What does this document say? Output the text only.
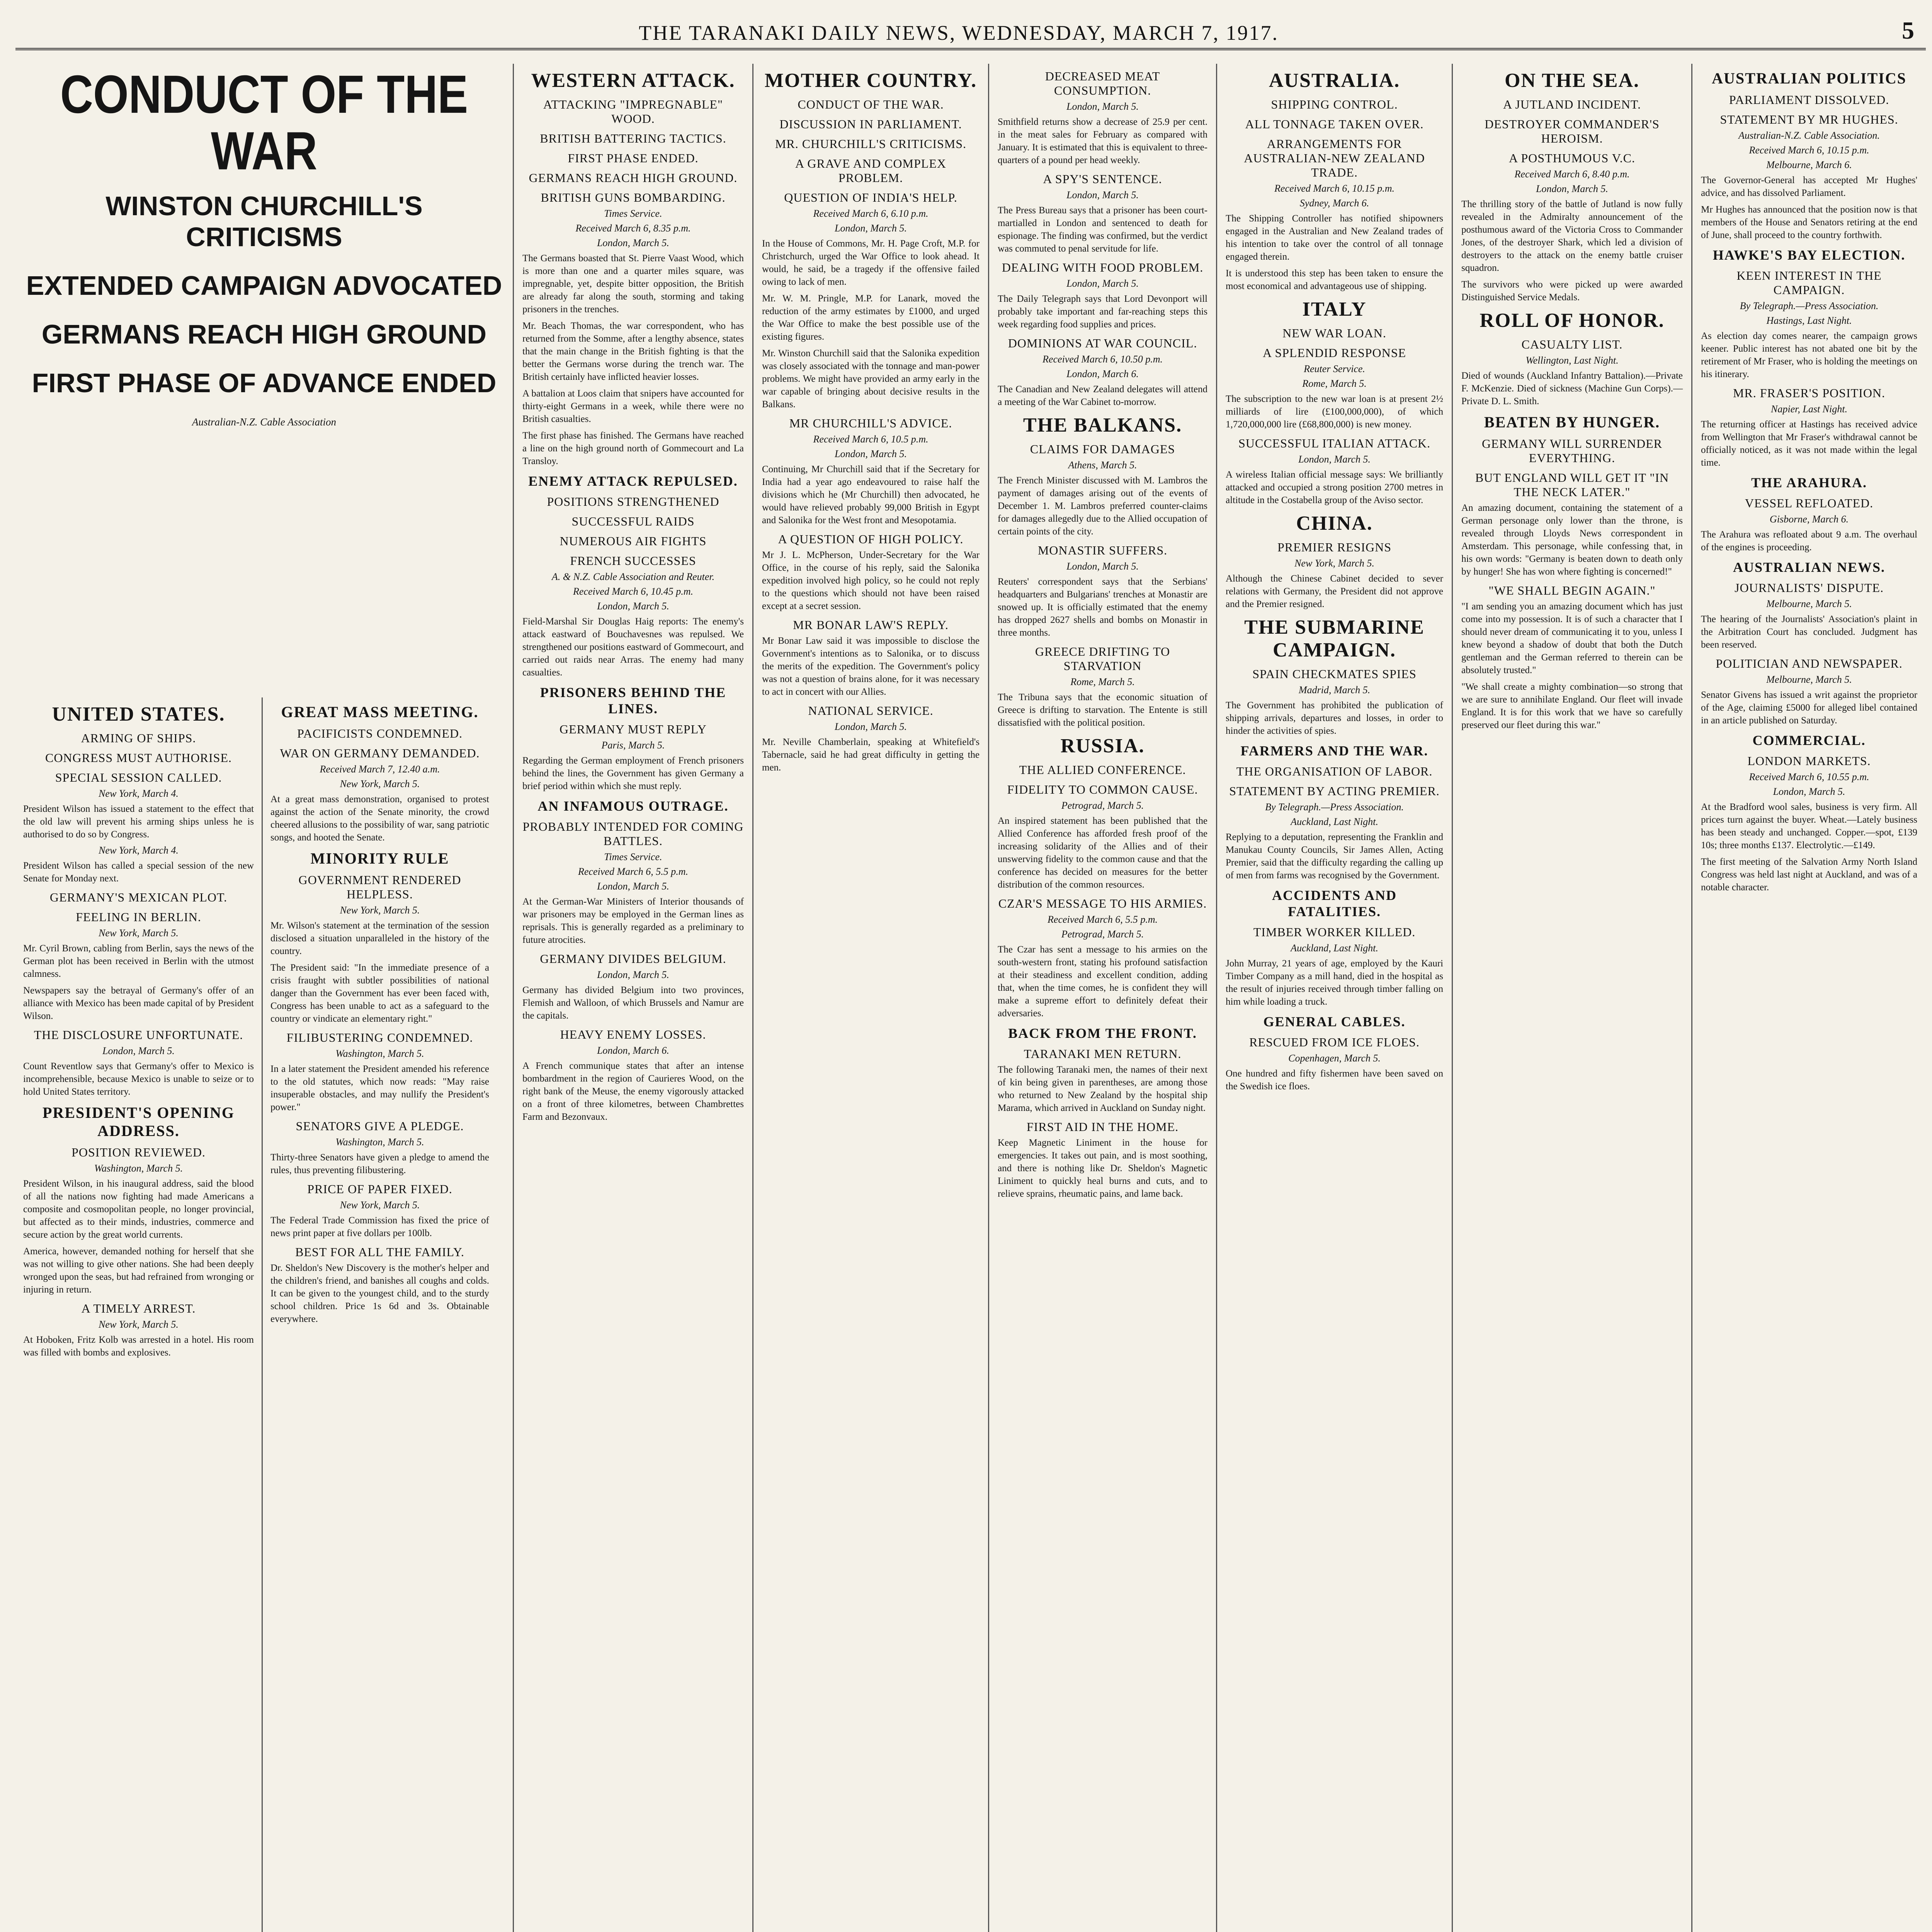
THE TARANAKI DAILY NEWS, WEDNESDAY, MARCH 7, 1917.	5
CONDUCT OF THE WAR
WINSTON CHURCHILL'S CRITICISMS
EXTENDED CAMPAIGN ADVOCATED
GERMANS REACH HIGH GROUND
FIRST PHASE OF ADVANCE ENDED
Australian-N.Z. Cable Association
UNITED STATES.
ARMING OF SHIPS.
CONGRESS MUST AUTHORISE.
SPECIAL SESSION CALLED.
New York, March 4.

President Wilson has issued a statement to the effect that the old law will prevent his arming ships unless he is authorised to do so by Congress.

New York, March 4.

President Wilson has called a special session of the new Senate for Monday next.

GERMANY'S MEXICAN PLOT.
FEELING IN BERLIN.
New York, March 5.

Mr. Cyril Brown, cabling from Berlin, says the news of the German plot has been received in Berlin with the utmost calmness.

Newspapers say the betrayal of Germany's offer of an alliance with Mexico has been made capital of by President Wilson.

THE DISCLOSURE UNFORTUNATE.
London, March 5.

Count Reventlow says that Germany's offer to Mexico is incomprehensible, because Mexico is unable to seize or to hold United States territory.

PRESIDENT'S OPENING ADDRESS.
POSITION REVIEWED.
Washington, March 5.

President Wilson, in his inaugural address, said the blood of all the nations now fighting had made Americans a composite and cosmopolitan people, no longer provincial, but affected as to their minds, industries, commerce and secure action by the great world currents.

America, however, demanded nothing for herself that she was not willing to give other nations. She had been deeply wronged upon the seas, but had refrained from wronging or injuring in return.

A TIMELY ARREST.
New York, March 5.

At Hoboken, Fritz Kolb was arrested in a hotel. His room was filled with bombs and explosives.

GREAT MASS MEETING.
PACIFICISTS CONDEMNED.
WAR ON GERMANY DEMANDED.
Received March 7, 12.40 a.m.
New York, March 5.

At a great mass demonstration, organised to protest against the action of the Senate minority, the crowd cheered allusions to the possibility of war, sang patriotic songs, and hooted the Senate.

MINORITY RULE
GOVERNMENT RENDERED HELPLESS.
New York, March 5.

Mr. Wilson's statement at the termination of the session disclosed a situation unparalleled in the history of the country.

The President said: "In the immediate presence of a crisis fraught with subtler possibilities of national danger than the Government has ever been faced with, Congress has been unable to act as a safeguard to the country or vindicate an elementary right."

FILIBUSTERING CONDEMNED.
Washington, March 5.

In a later statement the President amended his reference to the old statutes, which now reads: "May raise insuperable obstacles, and may nullify the President's power."

SENATORS GIVE A PLEDGE.
Washington, March 5.

Thirty-three Senators have given a pledge to amend the rules, thus preventing filibustering.

PRICE OF PAPER FIXED.
New York, March 5.

The Federal Trade Commission has fixed the price of news print paper at five dollars per 100lb.

BEST FOR ALL THE FAMILY.

Dr. Sheldon's New Discovery is the mother's helper and the children's friend, and banishes all coughs and colds. It can be given to the youngest child, and to the sturdy school children. Price 1s 6d and 3s. Obtainable everywhere.

WESTERN ATTACK.
ATTACKING "IMPREGNABLE" WOOD.
BRITISH BATTERING TACTICS.
FIRST PHASE ENDED.
GERMANS REACH HIGH GROUND.
BRITISH GUNS BOMBARDING.
Times Service.
Received March 6, 8.35 p.m.
London, March 5.

The Germans boasted that St. Pierre Vaast Wood, which is more than one and a quarter miles square, was impregnable, yet, despite bitter opposition, the British are already far along the south, storming and taking prisoners in the trenches.

Mr. Beach Thomas, the war correspondent, who has returned from the Somme, after a lengthy absence, states that the main change in the British fighting is that the better the Germans worse during the trench war. The British certainly have inflicted heavier losses.

A battalion at Loos claim that snipers have accounted for thirty-eight Germans in a week, while there were no British casualties.

The first phase has finished. The Germans have reached a line on the high ground north of Gommecourt and La Transloy.

ENEMY ATTACK REPULSED.
POSITIONS STRENGTHENED
SUCCESSFUL RAIDS
NUMEROUS AIR FIGHTS
FRENCH SUCCESSES
A. & N.Z. Cable Association and Reuter.
Received March 6, 10.45 p.m.
London, March 5.

Field-Marshal Sir Douglas Haig reports: The enemy's attack eastward of Bouchavesnes was repulsed. We strengthened our positions eastward of Gommecourt, and carried out raids near Arras. The enemy had many casualties.

PRISONERS BEHIND THE LINES.
GERMANY MUST REPLY
Paris, March 5.

Regarding the German employment of French prisoners behind the lines, the Government has given Germany a brief period within which she must reply.

AN INFAMOUS OUTRAGE.
PROBABLY INTENDED FOR COMING BATTLES.
Times Service.
Received March 6, 5.5 p.m.
London, March 5.

At the German-War Ministers of Interior thousands of war prisoners may be employed in the German lines as reprisals. This is generally regarded as a preliminary to future atrocities.

GERMANY DIVIDES BELGIUM.
London, March 5.

Germany has divided Belgium into two provinces, Flemish and Walloon, of which Brussels and Namur are the capitals.

HEAVY ENEMY LOSSES.
London, March 6.

A French communique states that after an intense bombardment in the region of Caurieres Wood, on the right bank of the Meuse, the enemy vigorously attacked on a front of three kilometres, between Chambrettes Farm and Bezonvaux.

MOTHER COUNTRY.
CONDUCT OF THE WAR.
DISCUSSION IN PARLIAMENT.
MR. CHURCHILL'S CRITICISMS.
A GRAVE AND COMPLEX PROBLEM.
QUESTION OF INDIA'S HELP.
Received March 6, 6.10 p.m.
London, March 5.

In the House of Commons, Mr. H. Page Croft, M.P. for Christchurch, urged the War Office to look ahead. It would, he said, be a tragedy if the offensive failed owing to lack of men.

Mr. W. M. Pringle, M.P. for Lanark, moved the reduction of the army estimates by £1000, and urged the War Office to make the best possible use of the existing figures.

Mr. Winston Churchill said that the Salonika expedition was closely associated with the tonnage and man-power problems. We might have provided an army early in the war capable of bringing about decisive results in the Balkans.

MR CHURCHILL'S ADVICE.
Received March 6, 10.5 p.m.
London, March 5.

Continuing, Mr Churchill said that if the Secretary for India had a year ago endeavoured to raise half the divisions which he (Mr Churchill) then advocated, he would have relieved probably 99,000 British in Egypt and Salonika for the West front and Mesopotamia.

A QUESTION OF HIGH POLICY.

Mr J. L. McPherson, Under-Secretary for the War Office, in the course of his reply, said the Salonika expedition involved high policy, so he could not reply to the questions which should not have been raised except at a secret session.

MR BONAR LAW'S REPLY.

Mr Bonar Law said it was impossible to disclose the Government's intentions as to Salonika, or to discuss the merits of the expedition. The Government's policy was not a question of brains alone, for it was necessary to act in concert with our Allies.

NATIONAL SERVICE.
London, March 5.

Mr. Neville Chamberlain, speaking at Whitefield's Tabernacle, said he had great difficulty in getting the men.

DECREASED MEAT CONSUMPTION.
London, March 5.

Smithfield returns show a decrease of 25.9 per cent. in the meat sales for February as compared with January. It is estimated that this is equivalent to three-quarters of a pound per head weekly.

A SPY'S SENTENCE.
London, March 5.

The Press Bureau says that a prisoner has been court-martialled in London and sentenced to death for espionage. The finding was confirmed, but the verdict was commuted to penal servitude for life.

DEALING WITH FOOD PROBLEM.
London, March 5.

The Daily Telegraph says that Lord Devonport will probably take important and far-reaching steps this week regarding food supplies and prices.

DOMINIONS AT WAR COUNCIL.
Received March 6, 10.50 p.m.
London, March 6.

The Canadian and New Zealand delegates will attend a meeting of the War Cabinet to-morrow.

THE BALKANS.
CLAIMS FOR DAMAGES
Athens, March 5.

The French Minister discussed with M. Lambros the payment of damages arising out of the events of December 1. M. Lambros preferred counter-claims for damages allegedly due to the Allied occupation of certain points of the city.

MONASTIR SUFFERS.
London, March 5.

Reuters' correspondent says that the Serbians' headquarters and Bulgarians' trenches at Monastir are snowed up. It is officially estimated that the enemy has dropped 2627 shells and bombs on Monastir in three months.

GREECE DRIFTING TO STARVATION
Rome, March 5.

The Tribuna says that the economic situation of Greece is drifting to starvation. The Entente is still dissatisfied with the political position.

RUSSIA.
THE ALLIED CONFERENCE.
FIDELITY TO COMMON CAUSE.
Petrograd, March 5.

An inspired statement has been published that the Allied Conference has afforded fresh proof of the increasing solidarity of the Allies and of their unswerving fidelity to the common cause and that the conference has decided on measures for the better distribution of the common resources.

CZAR'S MESSAGE TO HIS ARMIES.
Received March 6, 5.5 p.m.
Petrograd, March 5.

The Czar has sent a message to his armies on the south-western front, stating his profound satisfaction at their steadiness and excellent condition, adding that, when the time comes, he is confident they will make a supreme effort to definitely defeat their adversaries.

BACK FROM THE FRONT.
TARANAKI MEN RETURN.

The following Taranaki men, the names of their next of kin being given in parentheses, are among those who returned to New Zealand by the hospital ship Marama, which arrived in Auckland on Sunday night.

FIRST AID IN THE HOME.

Keep Magnetic Liniment in the house for emergencies. It takes out pain, and is most soothing, and there is nothing like Dr. Sheldon's Magnetic Liniment to quickly heal burns and cuts, and to relieve sprains, rheumatic pains, and lame back.

AUSTRALIA.
SHIPPING CONTROL.
ALL TONNAGE TAKEN OVER.
ARRANGEMENTS FOR AUSTRALIAN-NEW ZEALAND TRADE.
Received March 6, 10.15 p.m.
Sydney, March 6.

The Shipping Controller has notified shipowners engaged in the Australian and New Zealand trades of his intention to take over the control of all tonnage engaged therein.

It is understood this step has been taken to ensure the most economical and advantageous use of shipping.

ITALY
NEW WAR LOAN.
A SPLENDID RESPONSE
Reuter Service.
Rome, March 5.

The subscription to the new war loan is at present 2½ milliards of lire (£100,000,000), of which 1,720,000,000 lire (£68,800,000) is new money.

SUCCESSFUL ITALIAN ATTACK.
London, March 5.

A wireless Italian official message says: We brilliantly attacked and occupied a strong position 2700 metres in altitude in the Costabella group of the Aviso sector.

CHINA.
PREMIER RESIGNS
New York, March 5.

Although the Chinese Cabinet decided to sever relations with Germany, the President did not approve and the Premier resigned.

THE SUBMARINE CAMPAIGN.
SPAIN CHECKMATES SPIES
Madrid, March 5.

The Government has prohibited the publication of shipping arrivals, departures and losses, in order to hinder the activities of spies.

FARMERS AND THE WAR.
THE ORGANISATION OF LABOR.
STATEMENT BY ACTING PREMIER.
By Telegraph.—Press Association.
Auckland, Last Night.

Replying to a deputation, representing the Franklin and Manukau County Councils, Sir James Allen, Acting Premier, said that the difficulty regarding the calling up of men from farms was recognised by the Government.

ACCIDENTS AND FATALITIES.
TIMBER WORKER KILLED.
Auckland, Last Night.

John Murray, 21 years of age, employed by the Kauri Timber Company as a mill hand, died in the hospital as the result of injuries received through timber falling on him while loading a truck.

GENERAL CABLES.
RESCUED FROM ICE FLOES.
Copenhagen, March 5.

One hundred and fifty fishermen have been saved on the Swedish ice floes.

ON THE SEA.
A JUTLAND INCIDENT.
DESTROYER COMMANDER'S HEROISM.
A POSTHUMOUS V.C.
Received March 6, 8.40 p.m.
London, March 5.

The thrilling story of the battle of Jutland is now fully revealed in the Admiralty announcement of the posthumous award of the Victoria Cross to Commander Jones, of the destroyer Shark, which led a division of destroyers to the attack on the enemy battle cruiser squadron.

The survivors who were picked up were awarded Distinguished Service Medals.

ROLL OF HONOR.
CASUALTY LIST.
Wellington, Last Night.

Died of wounds (Auckland Infantry Battalion).—Private F. McKenzie. Died of sickness (Machine Gun Corps).—Private D. L. Smith.

BEATEN BY HUNGER.
GERMANY WILL SURRENDER EVERYTHING.
BUT ENGLAND WILL GET IT "IN THE NECK LATER."

An amazing document, containing the statement of a German personage only lower than the throne, is revealed through Lloyds News correspondent in Amsterdam. This personage, while confessing that, in his own words: "Germany is beaten down to death only by hunger! She has won where fighting is concerned!"

"WE SHALL BEGIN AGAIN."

"I am sending you an amazing document which has just come into my possession. It is of such a character that I should never dream of communicating it to you, unless I knew beyond a shadow of doubt that both the Dutch gentleman and the German referred to therein can be absolutely trusted."

"We shall create a mighty combination—so strong that we are sure to annihilate England. Our fleet will invade England. It is for this work that we have so carefully preserved our fleet during this war."

AUSTRALIAN POLITICS
PARLIAMENT DISSOLVED.
STATEMENT BY MR HUGHES.
Australian-N.Z. Cable Association.
Received March 6, 10.15 p.m.
Melbourne, March 6.

The Governor-General has accepted Mr Hughes' advice, and has dissolved Parliament.

Mr Hughes has announced that the position now is that members of the House and Senators retiring at the end of June, shall proceed to the country forthwith.

HAWKE'S BAY ELECTION.
KEEN INTEREST IN THE CAMPAIGN.
By Telegraph.—Press Association.
Hastings, Last Night.

As election day comes nearer, the campaign grows keener. Public interest has not abated one bit by the retirement of Mr Fraser, who is holding the meetings on his itinerary.

MR. FRASER'S POSITION.
Napier, Last Night.

The returning officer at Hastings has received advice from Wellington that Mr Fraser's withdrawal cannot be officially noticed, as it was not made within the legal time.

THE ARAHURA.
VESSEL REFLOATED.
Gisborne, March 6.

The Arahura was refloated about 9 a.m. The overhaul of the engines is proceeding.

AUSTRALIAN NEWS.
JOURNALISTS' DISPUTE.
Melbourne, March 5.

The hearing of the Journalists' Association's plaint in the Arbitration Court has concluded. Judgment has been reserved.

POLITICIAN AND NEWSPAPER.
Melbourne, March 5.

Senator Givens has issued a writ against the proprietor of the Age, claiming £5000 for alleged libel contained in an article published on Saturday.

COMMERCIAL.
LONDON MARKETS.
Received March 6, 10.55 p.m.
London, March 5.

At the Bradford wool sales, business is very firm. All prices turn against the buyer. Wheat.—Lately business has been steady and unchanged. Copper.—spot, £139 10s; three months £137. Electrolytic.—£149.

The first meeting of the Salvation Army North Island Congress was held last night at Auckland, and was of a notable character.
